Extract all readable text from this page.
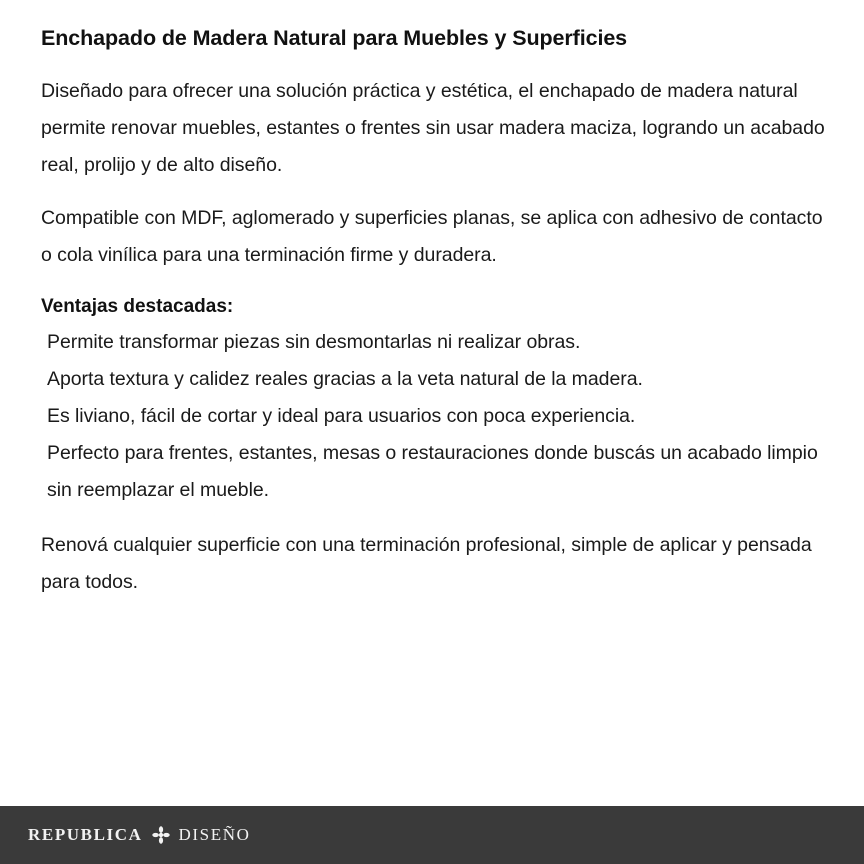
Enchapado de Madera Natural para Muebles y Superficies

Diseñado para ofrecer una solución práctica y estética, el enchapado de madera natural permite renovar muebles, estantes o frentes sin usar madera maciza, logrando un acabado real, prolijo y de alto diseño.

Compatible con MDF, aglomerado y superficies planas, se aplica con adhesivo de contacto o cola vinílica para una terminación firme y duradera.

Ventajas destacadas:

Permite transformar piezas sin desmontarlas ni realizar obras.
Aporta textura y calidez reales gracias a la veta natural de la madera.
Es liviano, fácil de cortar y ideal para usuarios con poca experiencia.
Perfecto para frentes, estantes, mesas o restauraciones donde buscás un acabado limpio sin reemplazar el mueble.

Renová cualquier superficie con una terminación profesional, simple de aplicar y pensada para todos.

REPUBLICA DISEÑO
